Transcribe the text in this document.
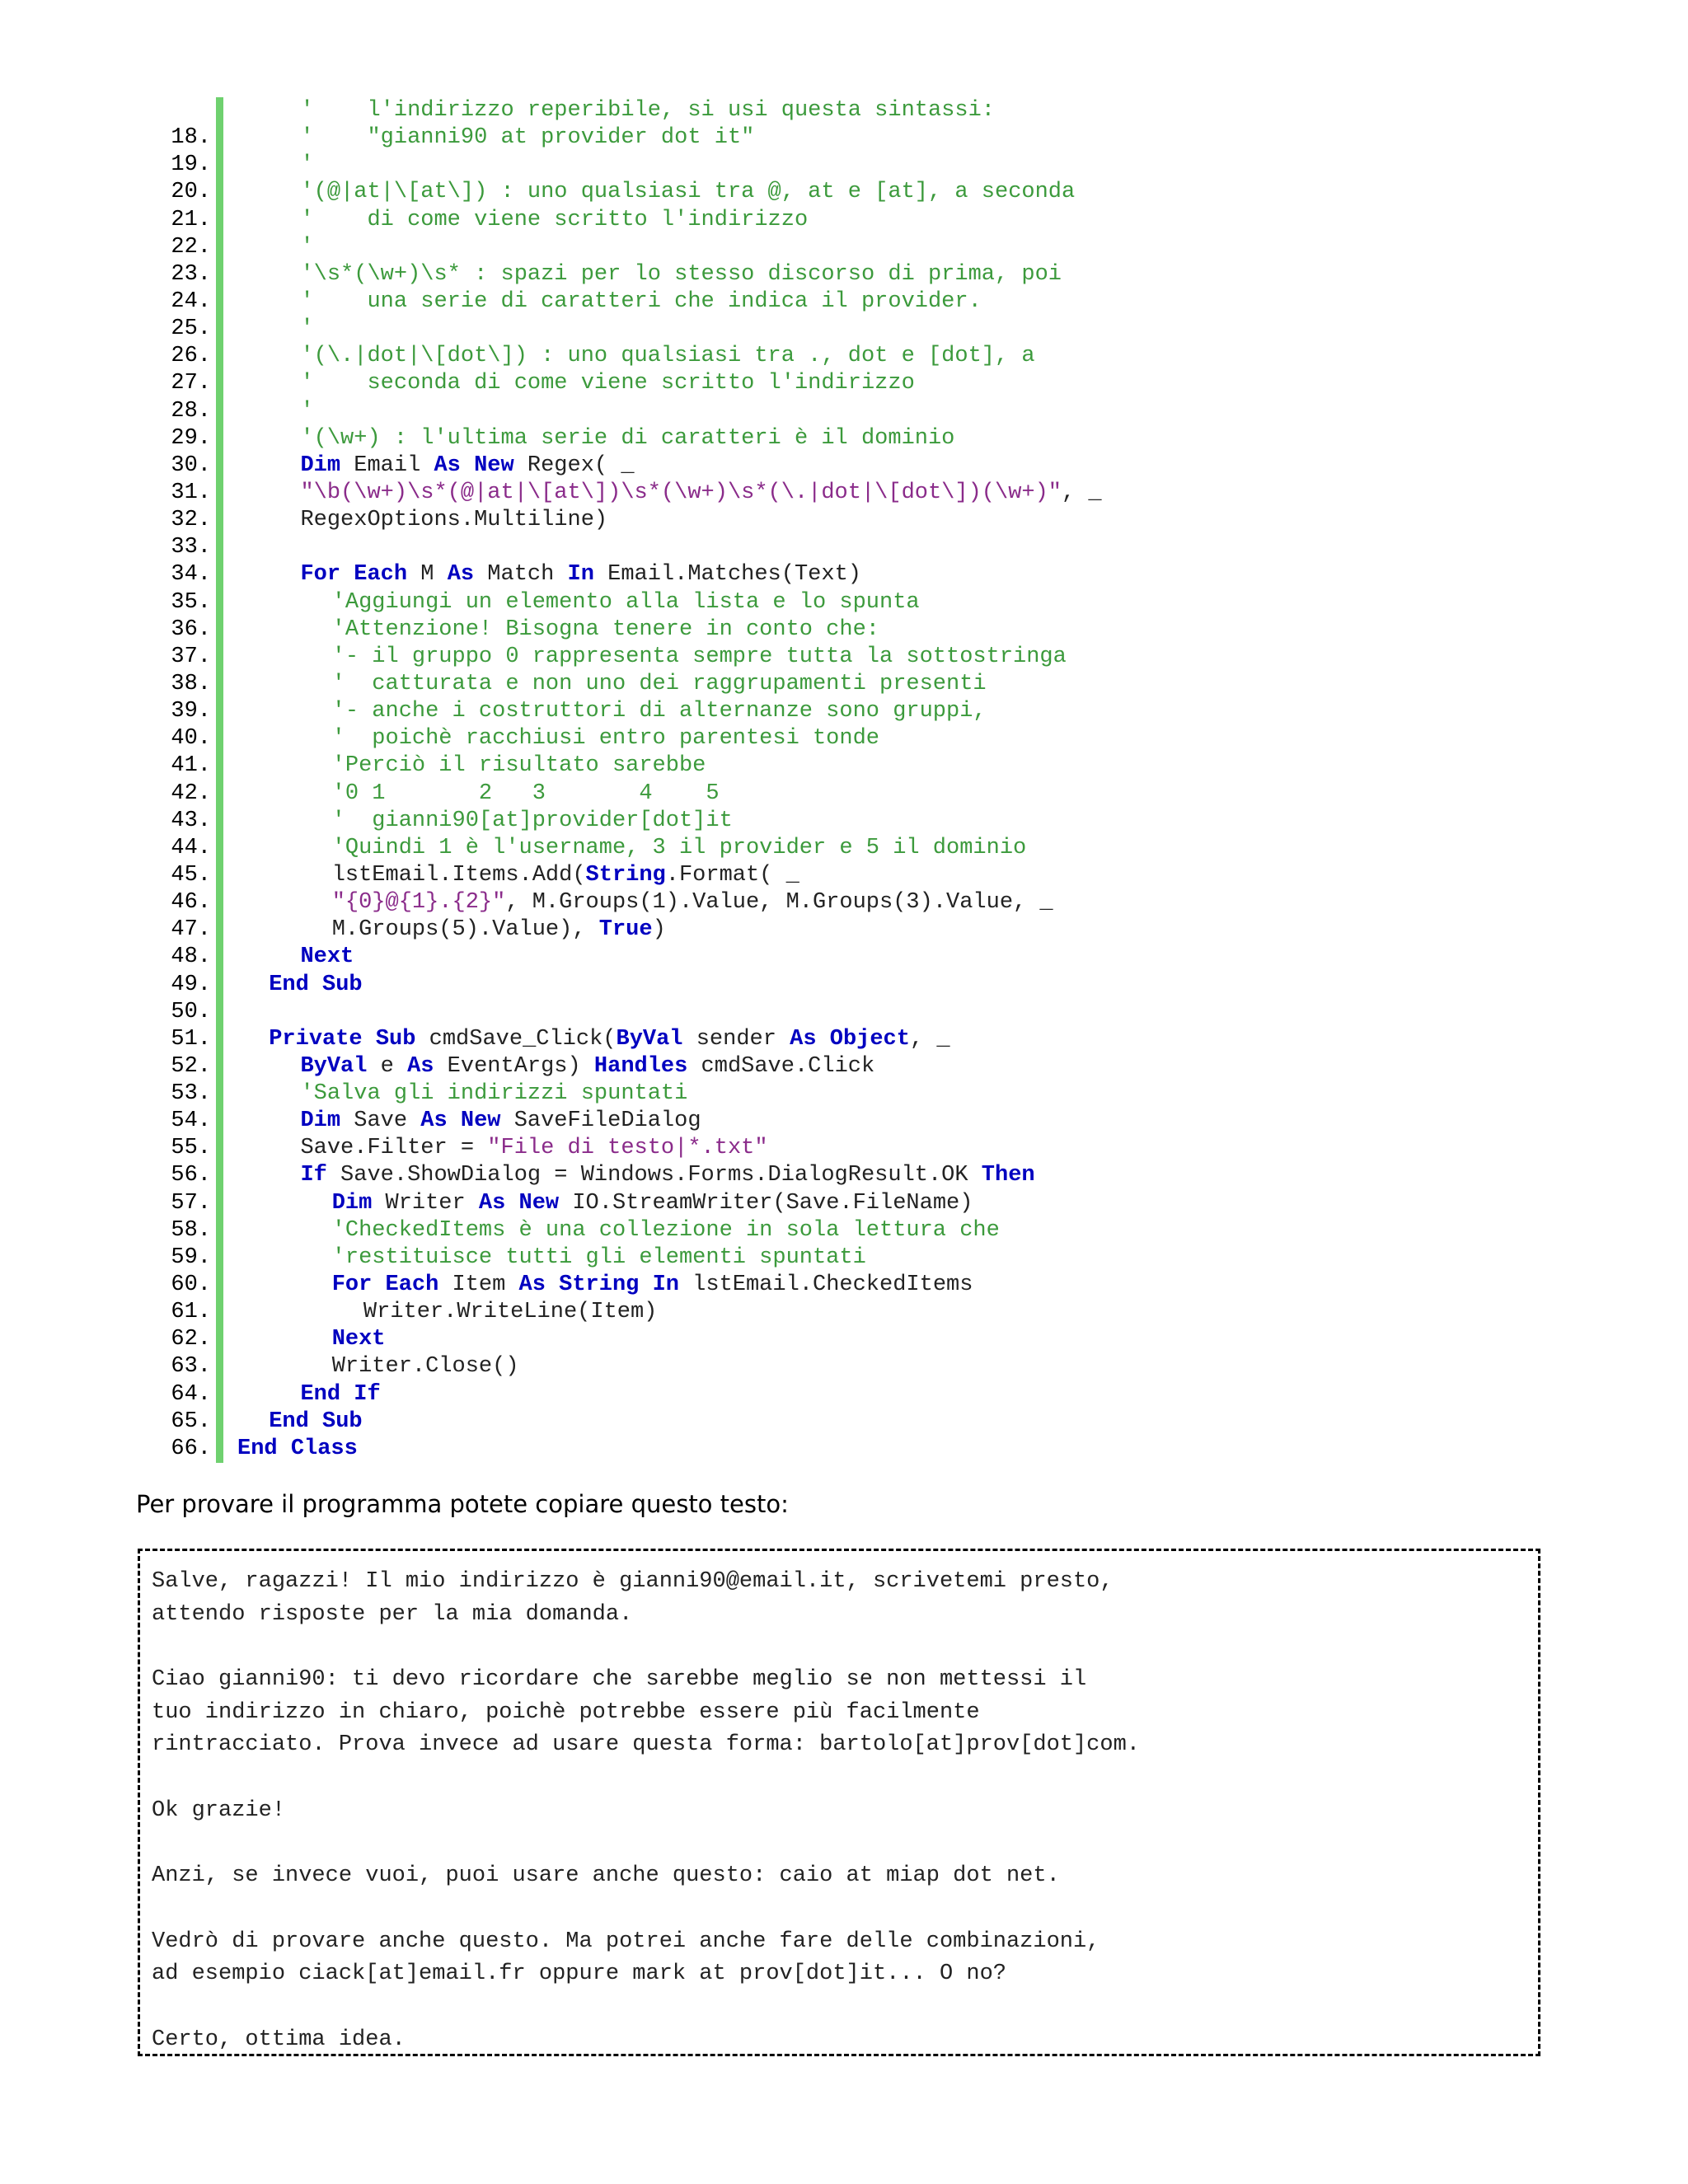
'    l'indirizzo reperibile, si usi questa sintassi:
18.	'    "gianni90 at provider dot it"
19.	'
20.	'(@|at|\[at\]) : uno qualsiasi tra @, at e [at], a seconda
21.	'    di come viene scritto l'indirizzo
22.	'
23.	'\s*(\w+)\s* : spazi per lo stesso discorso di prima, poi
24.	'    una serie di caratteri che indica il provider.
25.	'
26.	'(\.|dot|\[dot\]) : uno qualsiasi tra ., dot e [dot], a
27.	'    seconda di come viene scritto l'indirizzo
28.	'
29.	'(\w+) : l'ultima serie di caratteri è il dominio
30.	Dim Email As New Regex( _
31.	"\b(\w+)\s*(@|at|\[at\])\s*(\w+)\s*(\.|dot|\[dot\])(\w+)", _
32.	RegexOptions.Multiline)
33.
34.	For Each M As Match In Email.Matches(Text)
35.	'Aggiungi un elemento alla lista e lo spunta
36.	'Attenzione! Bisogna tenere in conto che:
37.	'- il gruppo 0 rappresenta sempre tutta la sottostringa
38.	'  catturata e non uno dei raggrupamenti presenti
39.	'- anche i costruttori di alternanze sono gruppi,
40.	'  poichè racchiusi entro parentesi tonde
41.	'Perciò il risultato sarebbe
42.	'0 1       2   3       4    5
43.	'  gianni90[at]provider[dot]it
44.	'Quindi 1 è l'username, 3 il provider e 5 il dominio
45.	lstEmail.Items.Add(String.Format( _
46.	"{0}@{1}.{2}", M.Groups(1).Value, M.Groups(3).Value, _
47.	M.Groups(5).Value), True)
48.	Next
49.	End Sub
50.
51.	Private Sub cmdSave_Click(ByVal sender As Object, _
52.	ByVal e As EventArgs) Handles cmdSave.Click
53.	'Salva gli indirizzi spuntati
54.	Dim Save As New SaveFileDialog
55.	Save.Filter = "File di testo|*.txt"
56.	If Save.ShowDialog = Windows.Forms.DialogResult.OK Then
57.	Dim Writer As New IO.StreamWriter(Save.FileName)
58.	'CheckedItems è una collezione in sola lettura che
59.	'restituisce tutti gli elementi spuntati
60.	For Each Item As String In lstEmail.CheckedItems
61.	Writer.WriteLine(Item)
62.	Next
63.	Writer.Close()
64.	End If
65.	End Sub
66. End Class
Per provare il programma potete copiare questo testo:
Salve, ragazzi! Il mio indirizzo è gianni90@email.it, scrivetemi presto,
attendo risposte per la mia domanda.
Ciao gianni90: ti devo ricordare che sarebbe meglio se non mettessi il
tuo indirizzo in chiaro, poichè potrebbe essere più facilmente
rintracciato. Prova invece ad usare questa forma: bartolo[at]prov[dot]com.
Ok grazie!
Anzi, se invece vuoi, puoi usare anche questo: caio at miap dot net.
Vedrò di provare anche questo. Ma potrei anche fare delle combinazioni,
ad esempio ciack[at]email.fr oppure mark at prov[dot]it... O no?
Certo, ottima idea.
